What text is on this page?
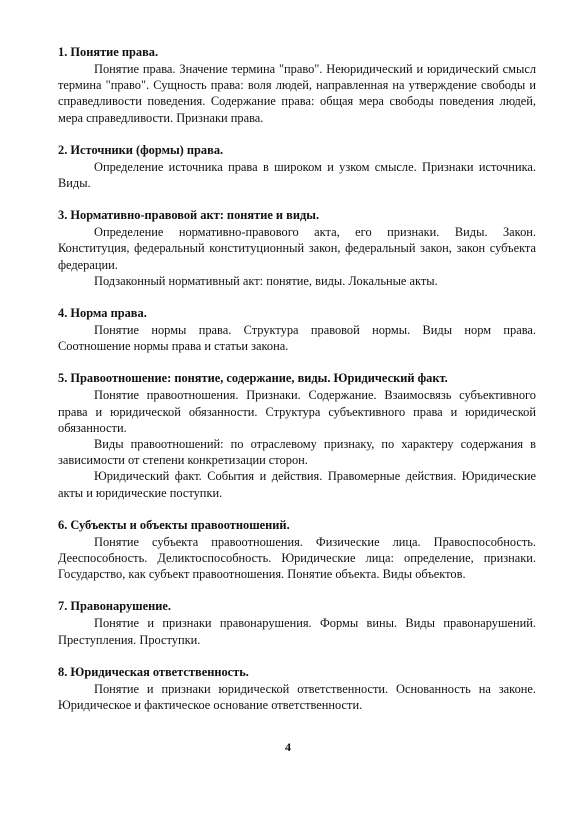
1. Понятие права.

Понятие права. Значение термина "право". Неюридический и юридический смысл термина "право". Сущность права: воля людей, направленная на утверждение свободы и справедливости поведения. Содержание права: общая мера свободы поведения людей, мера справедливости. Признаки права.

2. Источники (формы) права.

Определение источника права в широком и узком смысле. Признаки источника. Виды.

3. Нормативно-правовой акт: понятие и виды.

Определение нормативно-правового акта, его признаки. Виды. Закон. Конституция, федеральный конституционный закон, федеральный закон, закон субъекта федерации.

Подзаконный нормативный акт: понятие, виды. Локальные акты.

4. Норма права.

Понятие нормы права. Структура правовой нормы. Виды норм права. Соотношение нормы права и статьи закона.

5. Правоотношение: понятие, содержание, виды. Юридический факт.

Понятие правоотношения. Признаки. Содержание. Взаимосвязь субъективного права и юридической обязанности. Структура субъективного права и юридической обязанности.

Виды правоотношений: по отраслевому признаку, по характеру содержания в зависимости от степени конкретизации сторон.

Юридический факт. События и действия. Правомерные действия. Юридические акты и юридические поступки.

6. Субъекты и объекты правоотношений.

Понятие субъекта правоотношения. Физические лица. Правоспособность. Дееспособность. Деликтоспособность. Юридические лица: определение, признаки. Государство, как субъект правоотношения. Понятие объекта. Виды объектов.

7. Правонарушение.

Понятие и признаки правонарушения. Формы вины. Виды правонарушений. Преступления. Проступки.

8. Юридическая ответственность.

Понятие и признаки юридической ответственности. Основанность на законе. Юридическое и фактическое основание ответственности.

4
